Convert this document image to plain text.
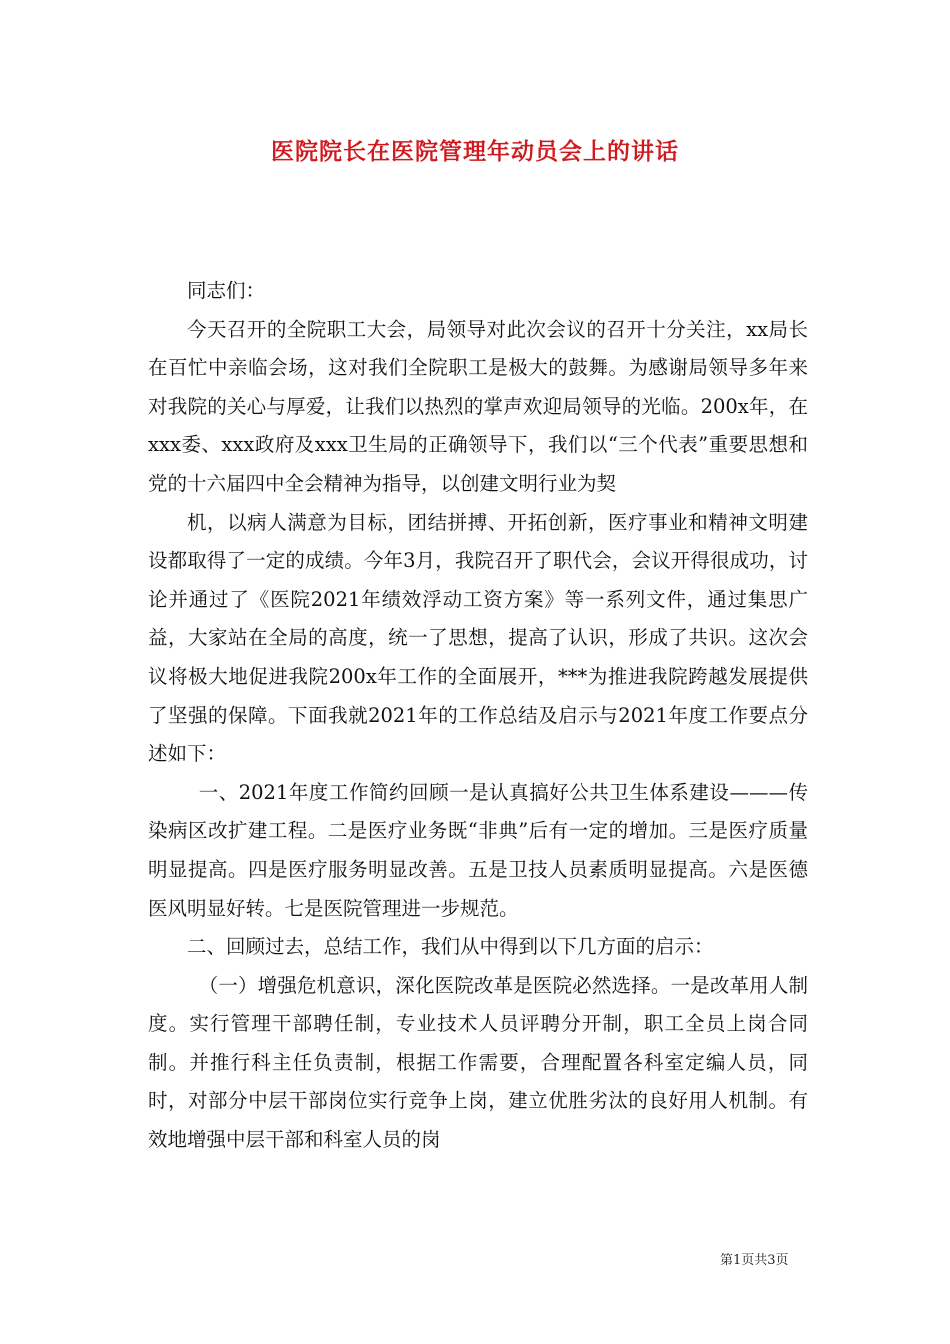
医院院长在医院管理年动员会上的讲话

同志们：

今天召开的全院职工大会，局领导对此次会议的召开十分关注，xx局长在百忙中亲临会场，这对我们全院职工是极大的鼓舞。为感谢局领导多年来对我院的关心与厚爱，让我们以热烈的掌声欢迎局领导的光临。200x年，在xxx委、xxx政府及xxx卫生局的正确领导下，我们以“三个代表”重要思想和党的十六届四中全会精神为指导，以创建文明行业为契

机，以病人满意为目标，团结拼搏、开拓创新，医疗事业和精神文明建设都取得了一定的成绩。今年3月，我院召开了职代会，会议开得很成功，讨论并通过了《医院2021年绩效浮动工资方案》等一系列文件，通过集思广益，大家站在全局的高度，统一了思想，提高了认识，形成了共识。这次会议将极大地促进我院200x年工作的全面展开，***为推进我院跨越发展提供了坚强的保障。下面我就2021年的工作总结及启示与2021年度工作要点分述如下：

一、2021年度工作简约回顾一是认真搞好公共卫生体系建设———传染病区改扩建工程。二是医疗业务既“非典”后有一定的增加。三是医疗质量明显提高。四是医疗服务明显改善。五是卫技人员素质明显提高。六是医德医风明显好转。七是医院管理进一步规范。

二、回顾过去，总结工作，我们从中得到以下几方面的启示：

（一）增强危机意识，深化医院改革是医院必然选择。一是改革用人制度。实行管理干部聘任制，专业技术人员评聘分开制，职工全员上岗合同制。并推行科主任负责制，根据工作需要，合理配置各科室定编人员，同时，对部分中层干部岗位实行竞争上岗，建立优胜劣汰的良好用人机制。有效地增强中层干部和科室人员的岗

第1页共3页
